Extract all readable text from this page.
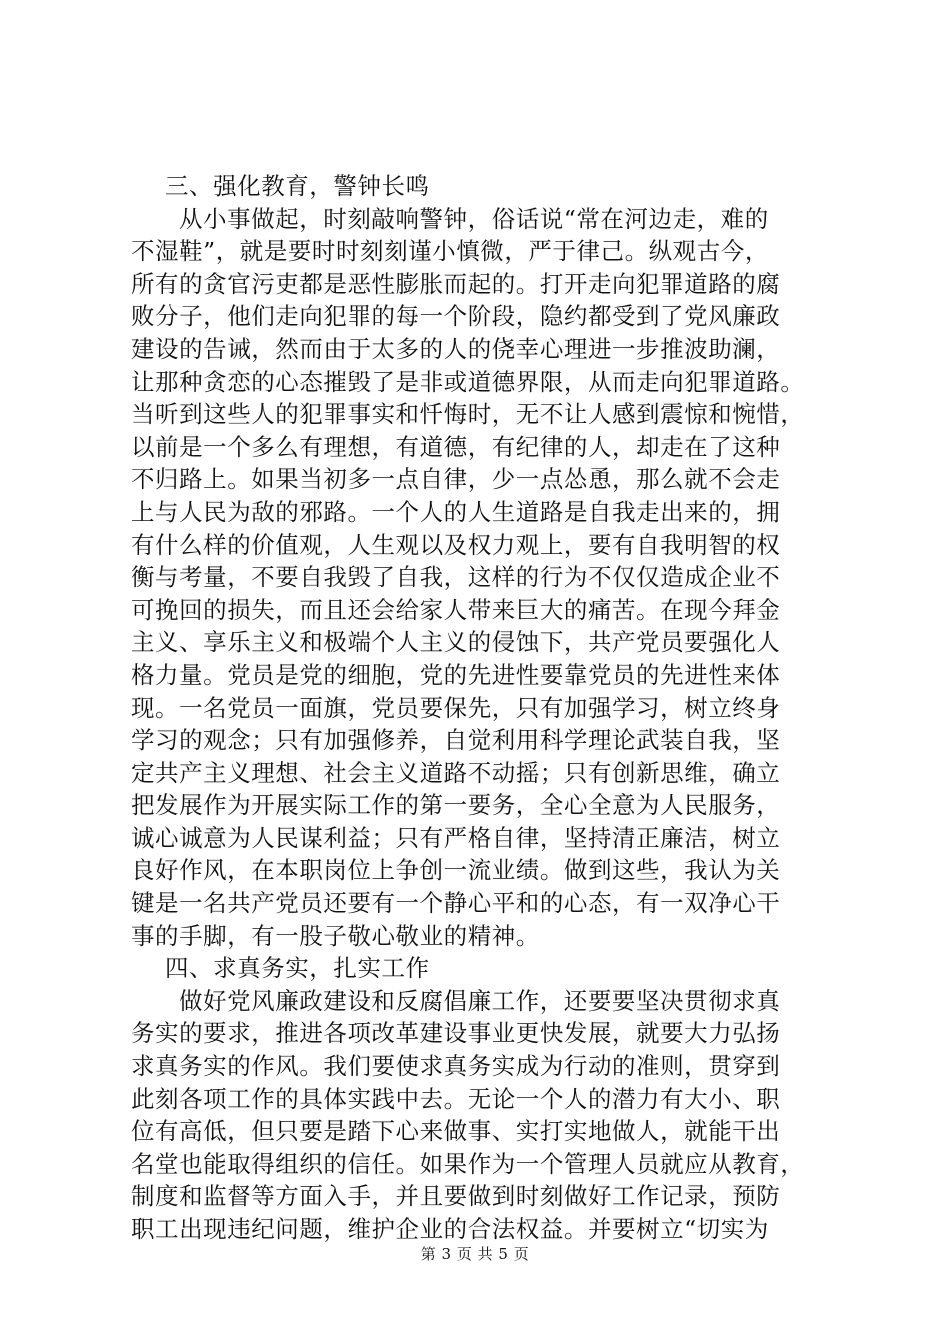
三、强化教育，警钟长鸣
从小事做起，时刻敲响警钟，俗话说“常在河边走，难的
不湿鞋”，就是要时时刻刻谨小慎微，严于律己。纵观古今，
所有的贪官污吏都是恶性膨胀而起的。打开走向犯罪道路的腐
败分子，他们走向犯罪的每一个阶段，隐约都受到了党风廉政
建设的告诫，然而由于太多的人的侥幸心理进一步推波助澜，
让那种贪恋的心态摧毁了是非或道德界限，从而走向犯罪道路。
当听到这些人的犯罪事实和忏悔时，无不让人感到震惊和惋惜，
以前是一个多么有理想，有道德，有纪律的人，却走在了这种
不归路上。如果当初多一点自律，少一点怂恿，那么就不会走
上与人民为敌的邪路。一个人的人生道路是自我走出来的，拥
有什么样的价值观，人生观以及权力观上，要有自我明智的权
衡与考量，不要自我毁了自我，这样的行为不仅仅造成企业不
可挽回的损失，而且还会给家人带来巨大的痛苦。在现今拜金
主义、享乐主义和极端个人主义的侵蚀下，共产党员要强化人
格力量。党员是党的细胞，党的先进性要靠党员的先进性来体
现。一名党员一面旗，党员要保先，只有加强学习，树立终身
学习的观念；只有加强修养，自觉利用科学理论武装自我，坚
定共产主义理想、社会主义道路不动摇；只有创新思维，确立
把发展作为开展实际工作的第一要务，全心全意为人民服务，
诚心诚意为人民谋利益；只有严格自律，坚持清正廉洁，树立
良好作风，在本职岗位上争创一流业绩。做到这些，我认为关
键是一名共产党员还要有一个静心平和的心态，有一双净心干
事的手脚，有一股子敬心敬业的精神。
四、求真务实，扎实工作
做好党风廉政建设和反腐倡廉工作，还要要坚决贯彻求真
务实的要求，推进各项改革建设事业更快发展，就要大力弘扬
求真务实的作风。我们要使求真务实成为行动的准则，贯穿到
此刻各项工作的具体实践中去。无论一个人的潜力有大小、职
位有高低，但只要是踏下心来做事、实打实地做人，就能干出
名堂也能取得组织的信任。如果作为一个管理人员就应从教育，
制度和监督等方面入手，并且要做到时刻做好工作记录，预防
职工出现违纪问题，维护企业的合法权益。并要树立“切实为
第 3 页 共 5 页
